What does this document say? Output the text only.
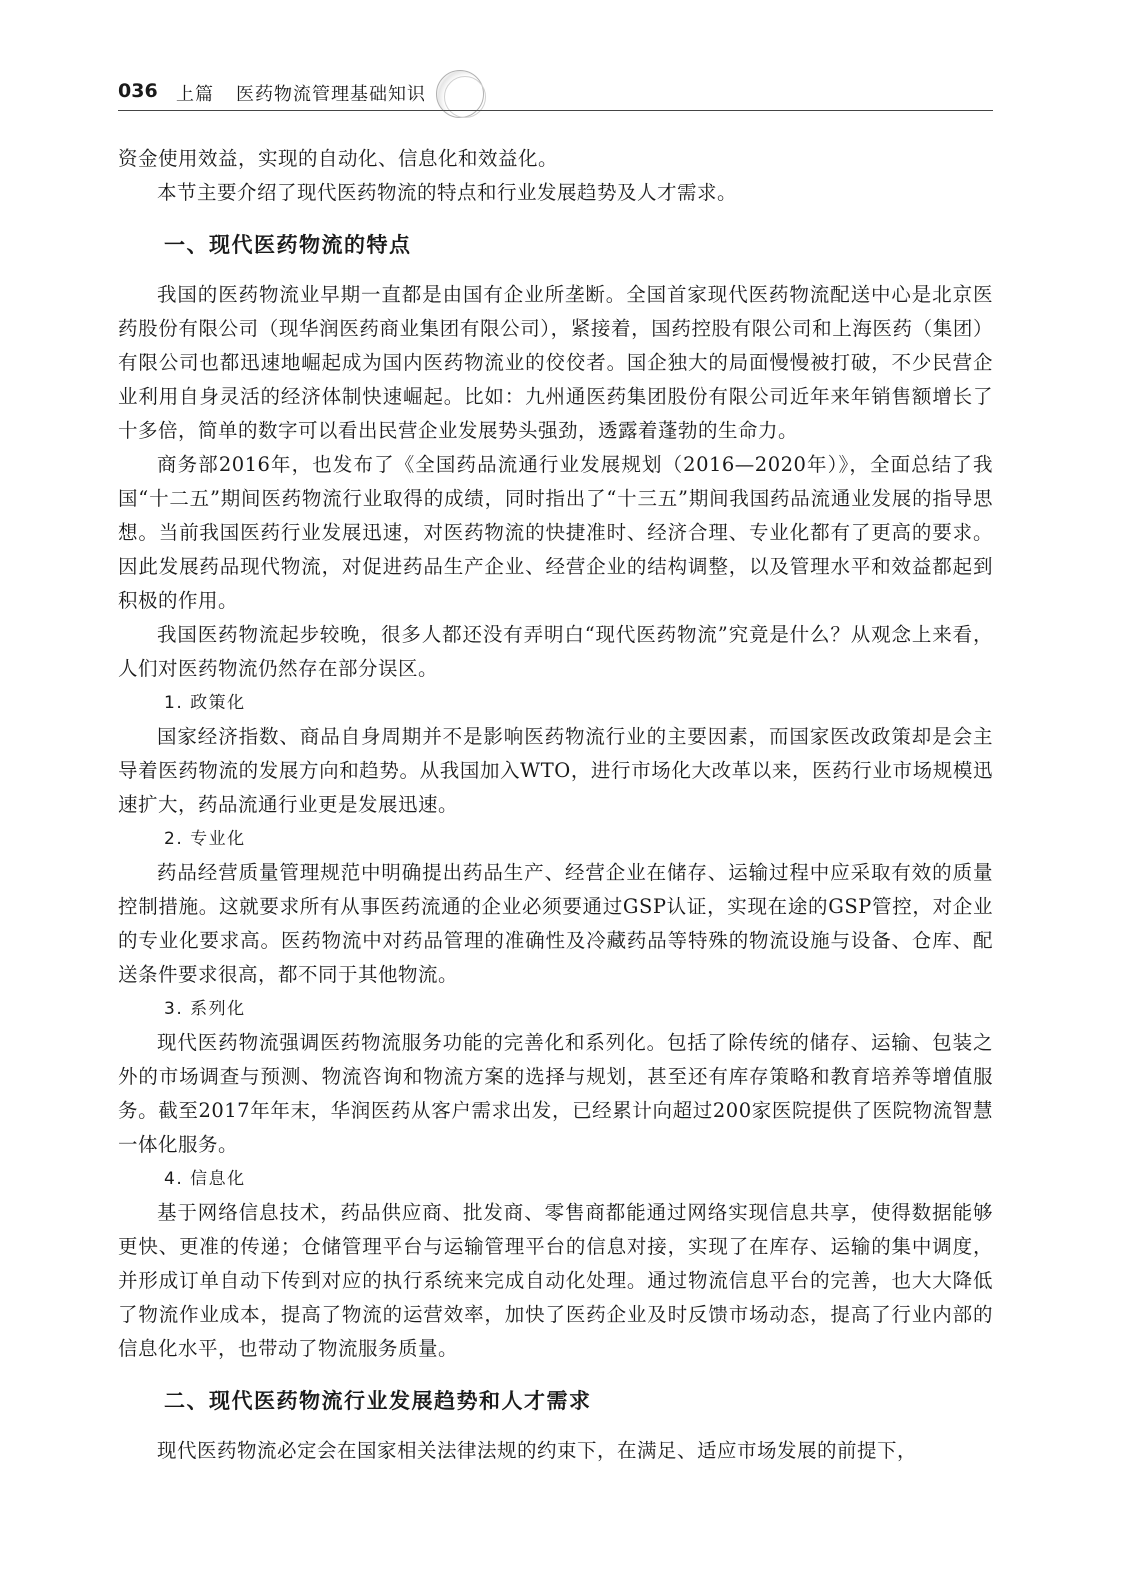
036 上篇 医药物流管理基础知识

资金使用效益，实现的自动化、信息化和效益化。

本节主要介绍了现代医药物流的特点和行业发展趋势及人才需求。

一、现代医药物流的特点

我国的医药物流业早期一直都是由国有企业所垄断。全国首家现代医药物流配送中心是北京医药股份有限公司（现华润医药商业集团有限公司），紧接着，国药控股有限公司和上海医药（集团）有限公司也都迅速地崛起成为国内医药物流业的佼佼者。国企独大的局面慢慢被打破，不少民营企业利用自身灵活的经济体制快速崛起。比如：九州通医药集团股份有限公司近年来年销售额增长了十多倍，简单的数字可以看出民营企业发展势头强劲，透露着蓬勃的生命力。

商务部2016年，也发布了《全国药品流通行业发展规划（2016—2020年）》，全面总结了我国“十二五”期间医药物流行业取得的成绩，同时指出了“十三五”期间我国药品流通业发展的指导思想。当前我国医药行业发展迅速，对医药物流的快捷准时、经济合理、专业化都有了更高的要求。因此发展药品现代物流，对促进药品生产企业、经营企业的结构调整，以及管理水平和效益都起到积极的作用。

我国医药物流起步较晚，很多人都还没有弄明白“现代医药物流”究竟是什么？从观念上来看，人们对医药物流仍然存在部分误区。

1. 政策化

国家经济指数、商品自身周期并不是影响医药物流行业的主要因素，而国家医改政策却是会主导着医药物流的发展方向和趋势。从我国加入WTO，进行市场化大改革以来，医药行业市场规模迅速扩大，药品流通行业更是发展迅速。

2. 专业化

药品经营质量管理规范中明确提出药品生产、经营企业在储存、运输过程中应采取有效的质量控制措施。这就要求所有从事医药流通的企业必须要通过GSP认证，实现在途的GSP管控，对企业的专业化要求高。医药物流中对药品管理的准确性及冷藏药品等特殊的物流设施与设备、仓库、配送条件要求很高，都不同于其他物流。

3. 系列化

现代医药物流强调医药物流服务功能的完善化和系列化。包括了除传统的储存、运输、包装之外的市场调查与预测、物流咨询和物流方案的选择与规划，甚至还有库存策略和教育培养等增值服务。截至2017年年末，华润医药从客户需求出发，已经累计向超过200家医院提供了医院物流智慧一体化服务。

4. 信息化

基于网络信息技术，药品供应商、批发商、零售商都能通过网络实现信息共享，使得数据能够更快、更准的传递；仓储管理平台与运输管理平台的信息对接，实现了在库存、运输的集中调度，并形成订单自动下传到对应的执行系统来完成自动化处理。通过物流信息平台的完善，也大大降低了物流作业成本，提高了物流的运营效率，加快了医药企业及时反馈市场动态，提高了行业内部的信息化水平，也带动了物流服务质量。

二、现代医药物流行业发展趋势和人才需求

现代医药物流必定会在国家相关法律法规的约束下，在满足、适应市场发展的前提下，
